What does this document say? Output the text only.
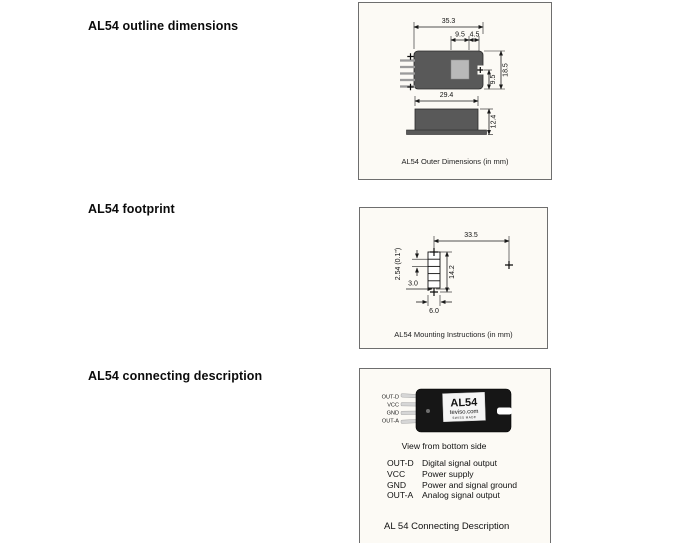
AL54 outline dimensions
AL54 footprint
AL54 connecting description
35.3
9.5 4.5
9.5
18.5
29.4
12.4
AL54 Outer Dimensions (in mm)
33.5
2.54 (0.1")	14.2
3.0
6.0
AL54 Mounting Instructions (in mm)
AL54
teviso.com
SWISS MADE
OUT-D
VCC
GND
OUT-A
View from bottom side
OUT-D Digital signal output
VCC	Power supply
GND	Power and signal ground
OUT-A	Analog signal output
AL 54 Connecting Description
